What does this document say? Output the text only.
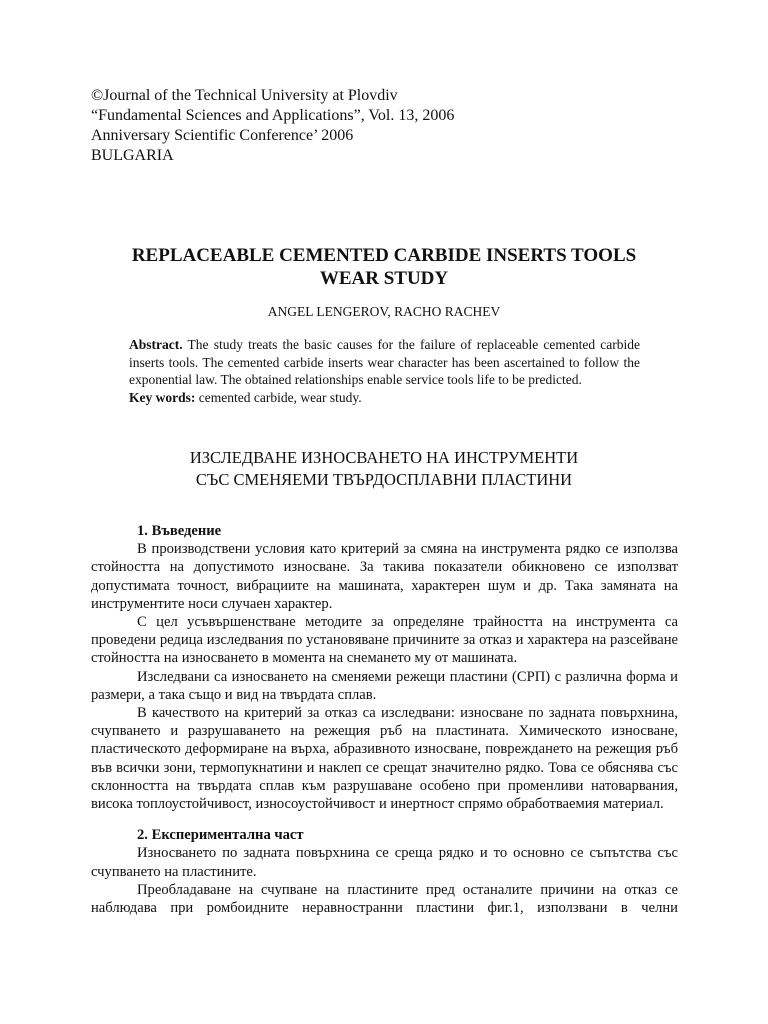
©Journal of the Technical University at Plovdiv
“Fundamental Sciences and Applications”, Vol. 13, 2006
Anniversary Scientific Conference’ 2006
BULGARIA
REPLACEABLE CEMENTED CARBIDE INSERTS TOOLS
WEAR STUDY
ANGEL LENGEROV, RACHO RACHEV
Abstract. The study treats the basic causes for the failure of replaceable cemented carbide inserts tools. The cemented carbide inserts wear character has been ascertained to follow the exponential law. The obtained relationships enable service tools life to be predicted.
Key words: cemented carbide, wear study.
ИЗСЛЕДВАНЕ ИЗНОСВАНЕТО НА ИНСТРУМЕНТИ
СЪС СМЕНЯЕМИ ТВЪРДОСПЛАВНИ ПЛАСТИНИ
1. Въведение

В производствени условия като критерий за смяна на инструмента рядко се използва стойността на допустимото износване. За такива показатели обикновено се използват допустимата точност, вибрациите на машината, характерен шум и др. Така замяната на инструментите носи случаен характер.

С цел усъвършенстване методите за определяне трайността на инструмента са проведени редица изследвания по установяване причините за отказ и характера на разсейване стойността на износването в момента на снемането му от машината.

Изследвани са износването на сменяеми режещи пластини (СРП) с различна форма и размери, а така също и вид на твърдата сплав.

В качеството на критерий за отказ са изследвани: износване по задната повърхнина, счупването и разрушаването на режещия ръб на пластината. Химическото износване, пластическото деформиране на върха, абразивното износване, повреждането на режещия ръб във всички зони, термопукнатини и наклеп се срещат значително рядко. Това се обяснява със склонността на твърдата сплав към разрушаване особено при променливи натоварвания, висока топлоустойчивост, износоустойчивост и инертност спрямо обработваемия материал.

2. Експериментална част

Износването по задната повърхнина се среща рядко и то основно се съпътства със счупването на пластините.

Преобладаване на счупване на пластините пред останалите причини на отказ се наблюдава при ромбоидните неравностранни пластини фиг.1, използвани в челни
